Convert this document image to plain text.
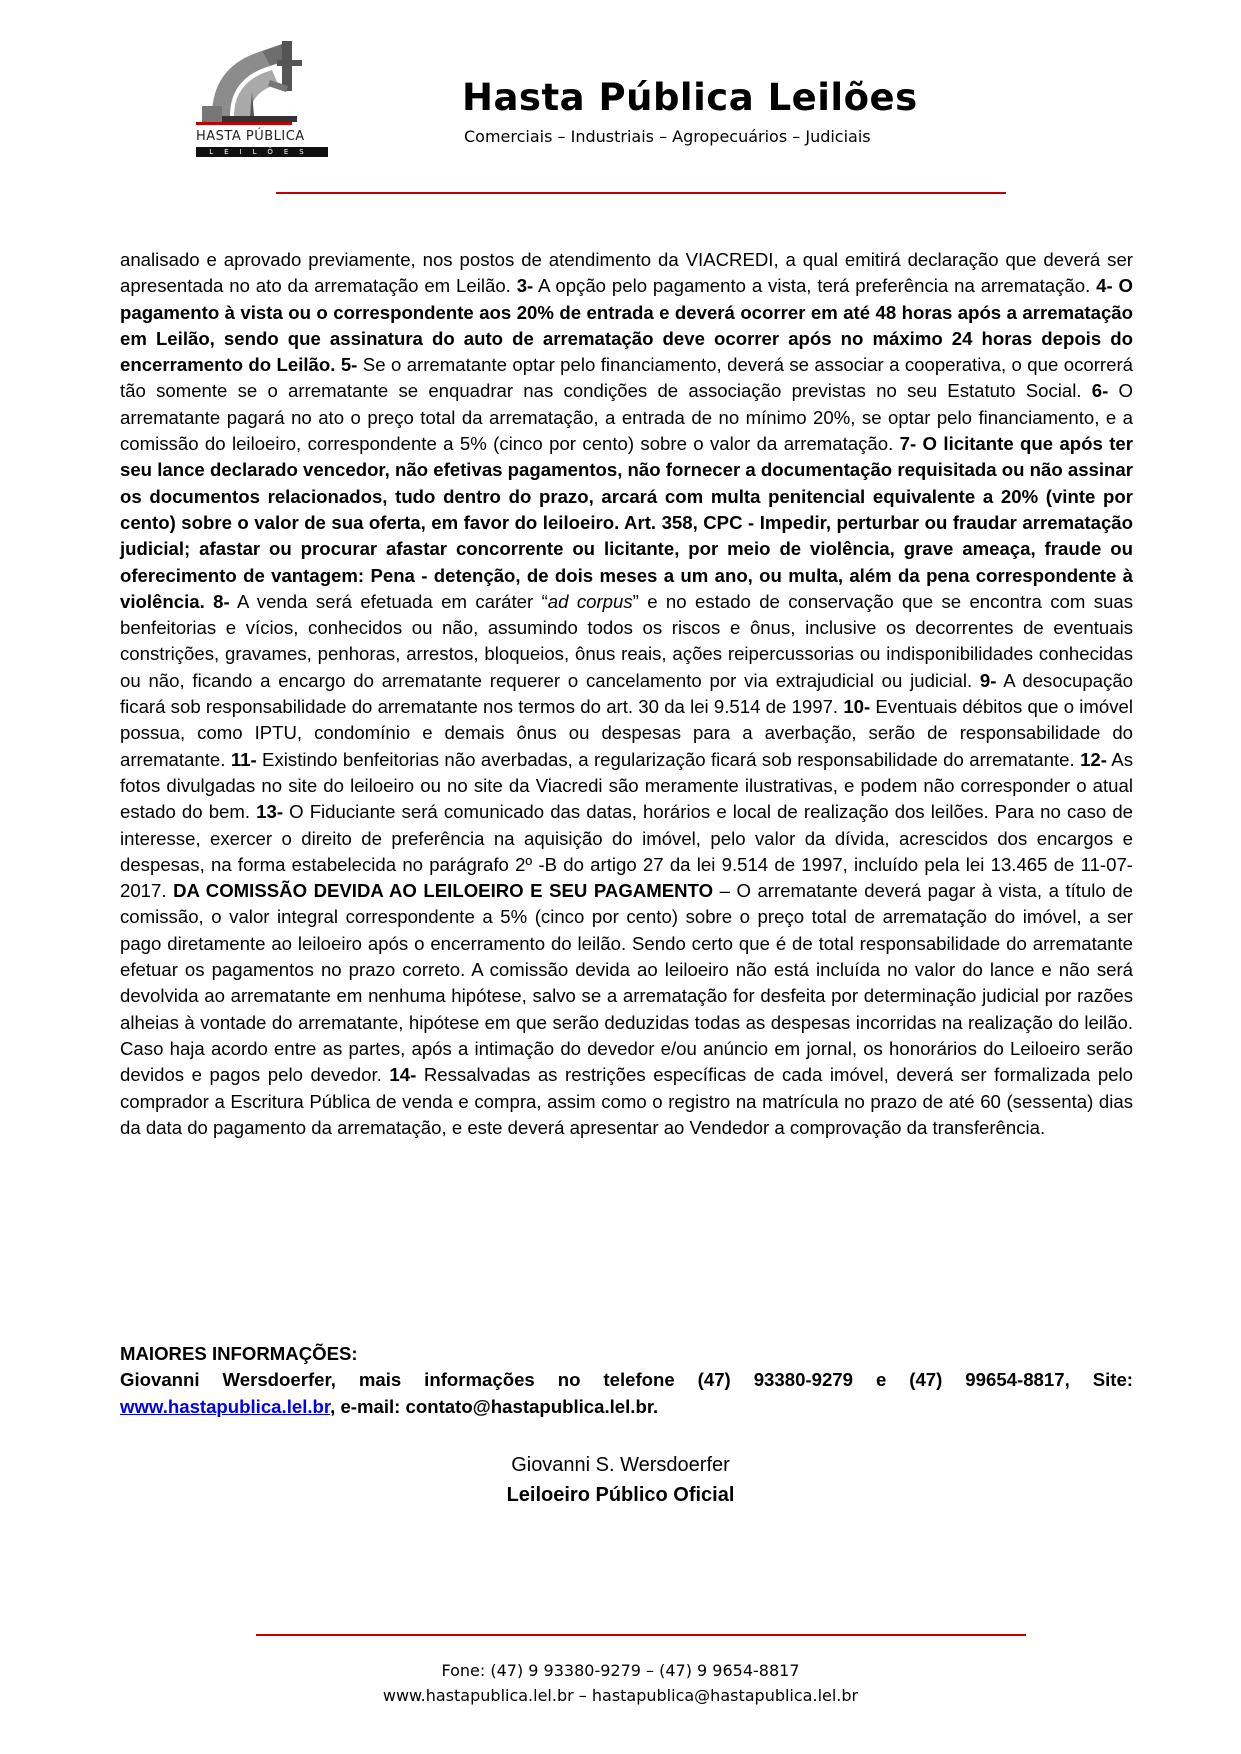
HASTA PÚBLICA
LEILÕES
Hasta Pública Leilões
Comerciais – Industriais – Agropecuários – Judiciais

analisado e aprovado previamente, nos postos de atendimento da VIACREDI, a qual emitirá declaração que deverá ser apresentada no ato da arrematação em Leilão. 3- A opção pelo pagamento a vista, terá preferência na arrematação. 4- O pagamento à vista ou o correspondente aos 20% de entrada e deverá ocorrer em até 48 horas após a arrematação em Leilão, sendo que assinatura do auto de arrematação deve ocorrer após no máximo 24 horas depois do encerramento do Leilão. 5- Se o arrematante optar pelo financiamento, deverá se associar a cooperativa, o que ocorrerá tão somente se o arrematante se enquadrar nas condições de associação previstas no seu Estatuto Social. 6- O arrematante pagará no ato o preço total da arrematação, a entrada de no mínimo 20%, se optar pelo financiamento, e a comissão do leiloeiro, correspondente a 5% (cinco por cento) sobre o valor da arrematação. 7- O licitante que após ter seu lance declarado vencedor, não efetivas pagamentos, não fornecer a documentação requisitada ou não assinar os documentos relacionados, tudo dentro do prazo, arcará com multa penitencial equivalente a 20% (vinte por cento) sobre o valor de sua oferta, em favor do leiloeiro. Art. 358, CPC - Impedir, perturbar ou fraudar arrematação judicial; afastar ou procurar afastar concorrente ou licitante, por meio de violência, grave ameaça, fraude ou oferecimento de vantagem: Pena - detenção, de dois meses a um ano, ou multa, além da pena correspondente à violência. 8- A venda será efetuada em caráter “ad corpus” e no estado de conservação que se encontra com suas benfeitorias e vícios, conhecidos ou não, assumindo todos os riscos e ônus, inclusive os decorrentes de eventuais constrições, gravames, penhoras, arrestos, bloqueios, ônus reais, ações reipercussorias ou indisponibilidades conhecidas ou não, ficando a encargo do arrematante requerer o cancelamento por via extrajudicial ou judicial. 9- A desocupação ficará sob responsabilidade do arrematante nos termos do art. 30 da lei 9.514 de 1997. 10- Eventuais débitos que o imóvel possua, como IPTU, condomínio e demais ônus ou despesas para a averbação, serão de responsabilidade do arrematante. 11- Existindo benfeitorias não averbadas, a regularização ficará sob responsabilidade do arrematante. 12- As fotos divulgadas no site do leiloeiro ou no site da Viacredi são meramente ilustrativas, e podem não corresponder o atual estado do bem. 13- O Fiduciante será comunicado das datas, horários e local de realização dos leilões. Para no caso de interesse, exercer o direito de preferência na aquisição do imóvel, pelo valor da dívida, acrescidos dos encargos e despesas, na forma estabelecida no parágrafo 2º -B do artigo 27 da lei 9.514 de 1997, incluído pela lei 13.465 de 11-07-2017. DA COMISSÃO DEVIDA AO LEILOEIRO E SEU PAGAMENTO – O arrematante deverá pagar à vista, a título de comissão, o valor integral correspondente a 5% (cinco por cento) sobre o preço total de arrematação do imóvel, a ser pago diretamente ao leiloeiro após o encerramento do leilão. Sendo certo que é de total responsabilidade do arrematante efetuar os pagamentos no prazo correto. A comissão devida ao leiloeiro não está incluída no valor do lance e não será devolvida ao arrematante em nenhuma hipótese, salvo se a arrematação for desfeita por determinação judicial por razões alheias à vontade do arrematante, hipótese em que serão deduzidas todas as despesas incorridas na realização do leilão. Caso haja acordo entre as partes, após a intimação do devedor e/ou anúncio em jornal, os honorários do Leiloeiro serão devidos e pagos pelo devedor. 14- Ressalvadas as restrições específicas de cada imóvel, deverá ser formalizada pelo comprador a Escritura Pública de venda e compra, assim como o registro na matrícula no prazo de até 60 (sessenta) dias da data do pagamento da arrematação, e este deverá apresentar ao Vendedor a comprovação da transferência.

MAIORES INFORMAÇÕES:
Giovanni Wersdoerfer, mais informações no telefone (47) 93380-9279 e (47) 99654-8817, Site: www.hastapublica.lel.br, e-mail: contato@hastapublica.lel.br.

Giovanni S. Wersdoerfer
Leiloeiro Público Oficial
Fone: (47) 9 93380-9279 – (47) 9 9654-8817
www.hastapublica.lel.br – hastapublica@hastapublica.lel.br
